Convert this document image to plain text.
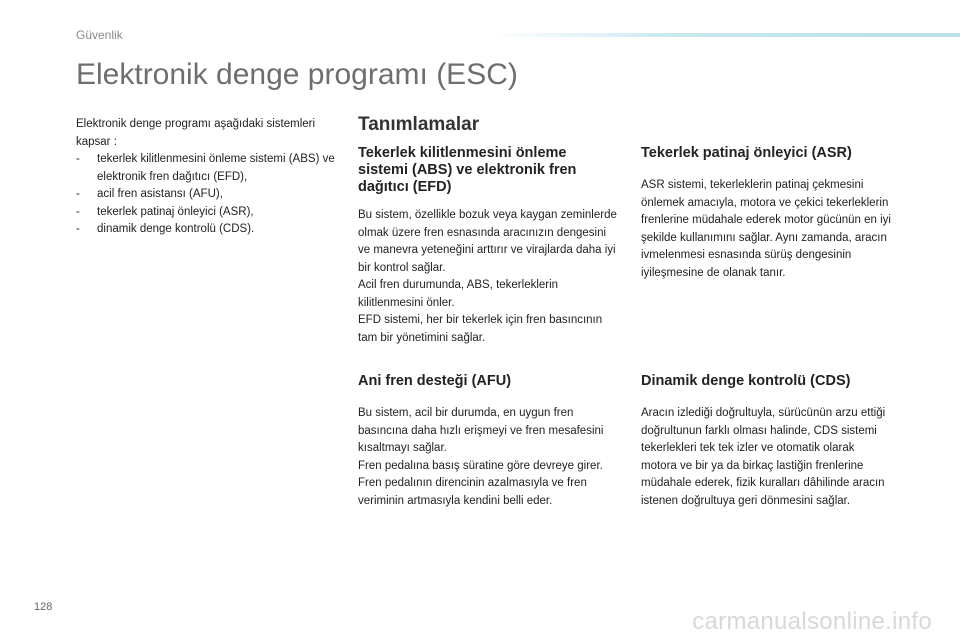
Güvenlik
Elektronik denge programı (ESC)
Elektronik denge programı aşağıdaki sistemleri kapsar :
- tekerlek kilitlenmesini önleme sistemi (ABS) ve elektronik fren dağıtıcı (EFD),
- acil fren asistansı (AFU),
- tekerlek patinaj önleyici (ASR),
- dinamik denge kontrolü (CDS).
Tanımlamalar
Tekerlek kilitlenmesini önleme sistemi (ABS) ve elektronik fren dağıtıcı (EFD)

Bu sistem, özellikle bozuk veya kaygan zeminlerde olmak üzere fren esnasında aracınızın dengesini ve manevra yeteneğini arttırır ve virajlarda daha iyi bir kontrol sağlar.

Acil fren durumunda, ABS, tekerleklerin kilitlenmesini önler.

EFD sistemi, her bir tekerlek için fren basıncının tam bir yönetimini sağlar.

Tekerlek patinaj önleyici (ASR)

ASR sistemi, tekerleklerin patinaj çekmesini önlemek amacıyla, motora ve çekici tekerleklerin frenlerine müdahale ederek motor gücünün en iyi şekilde kullanımını sağlar. Aynı zamanda, aracın ivmelenmesi esnasında sürüş dengesinin iyileşmesine de olanak tanır.

Ani fren desteği (AFU)

Bu sistem, acil bir durumda, en uygun fren basıncına daha hızlı erişmeyi ve fren mesafesini kısaltmayı sağlar.

Fren pedalına basış süratine göre devreye girer. Fren pedalının direncinin azalmasıyla ve fren veriminin artmasıyla kendini belli eder.

Dinamik denge kontrolü (CDS)

Aracın izlediği doğrultuyla, sürücünün arzu ettiği doğrultunun farklı olması halinde, CDS sistemi tekerlekleri tek tek izler ve otomatik olarak motora ve bir ya da birkaç lastiğin frenlerine müdahale ederek, fizik kuralları dâhilinde aracın istenen doğrultuya geri dönmesini sağlar.

128
carmanualsonline.info
